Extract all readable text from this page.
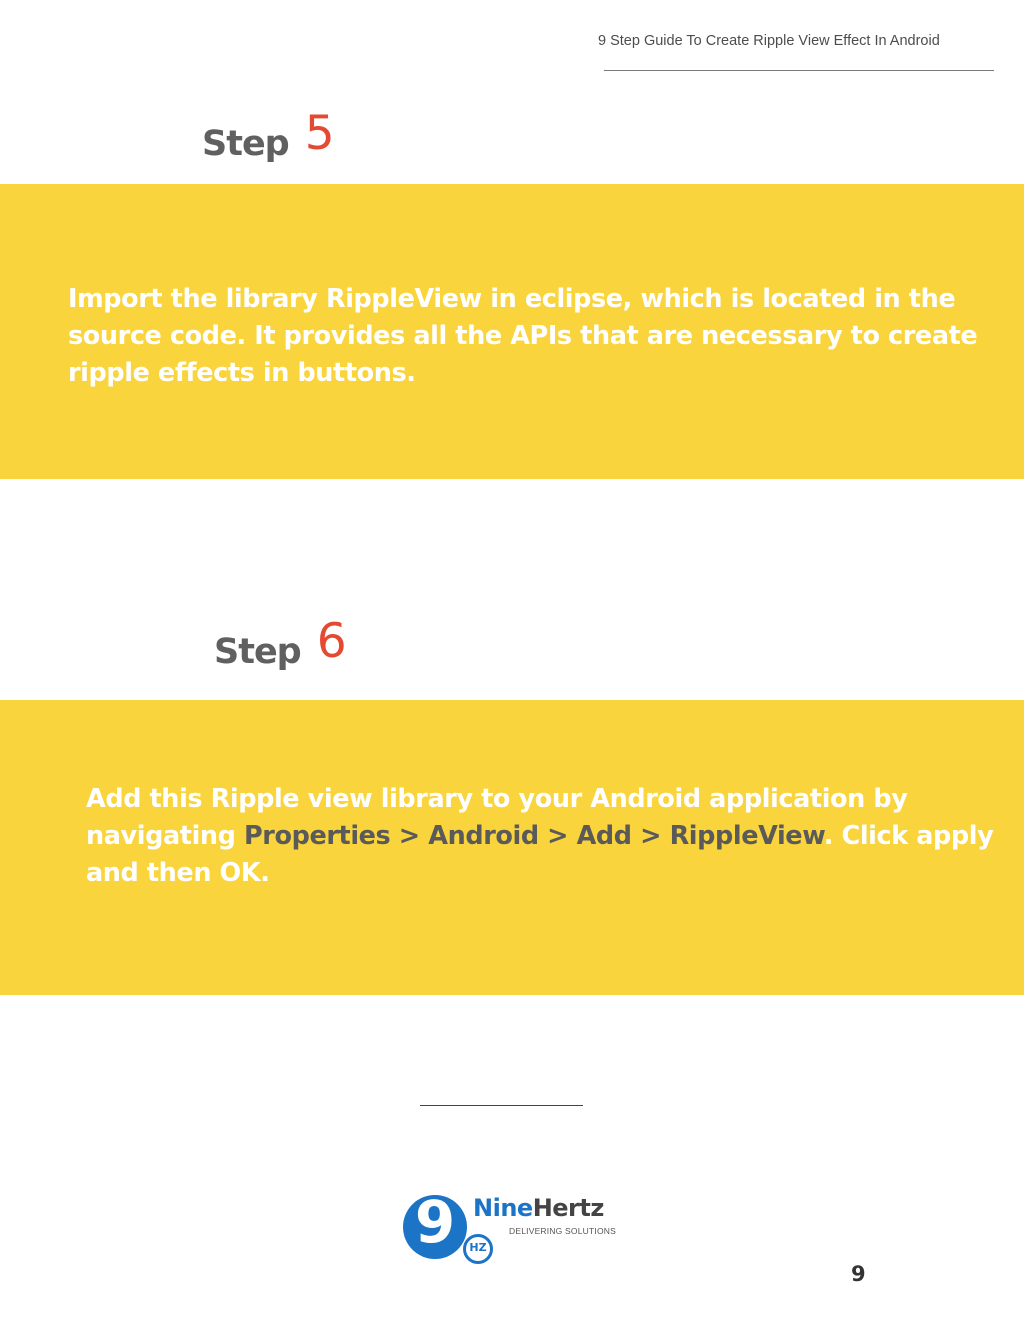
9 Step Guide To Create Ripple View Effect In Android
Step 5
Import the library RippleView in eclipse, which is located in the source code. It provides all the APIs that are necessary to create ripple effects in buttons.
Step 6
Add this Ripple view library to your Android application by navigating Properties > Android > Add > RippleView. Click apply and then OK.
9	HZ
NineHertz
DELIVERING SOLUTIONS
9
